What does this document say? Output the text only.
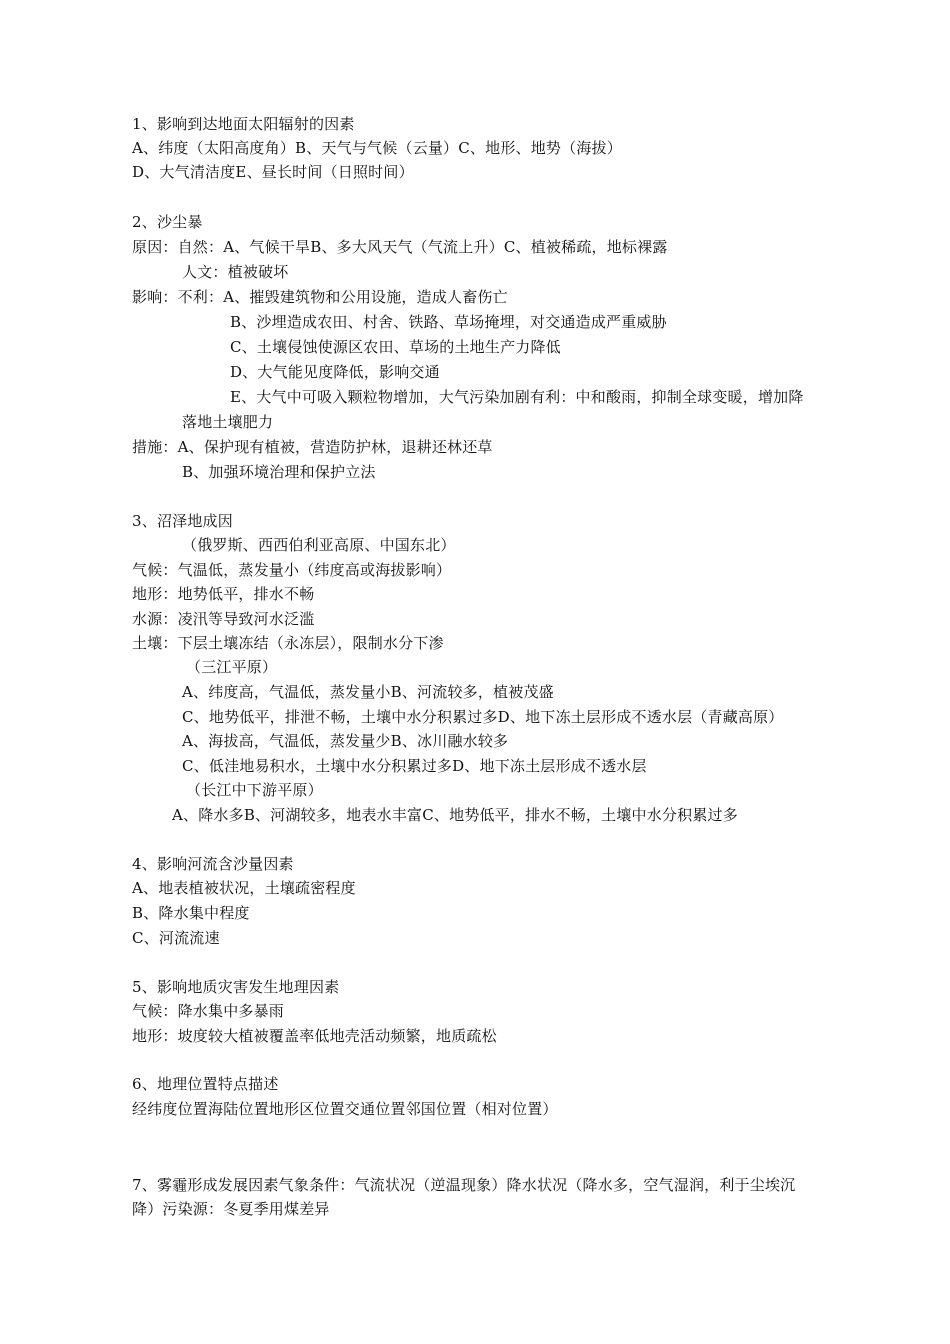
1、影响到达地面太阳辐射的因素
A、纬度（太阳高度角）B、天气与气候（云量）C、地形、地势（海拔）
D、大气清洁度E、昼长时间（日照时间）
2、沙尘暴
原因：自然：A、气候干旱B、多大风天气（气流上升）C、植被稀疏，地标裸露
人文：植被破坏
影响：不利：A、摧毁建筑物和公用设施，造成人畜伤亡
B、沙埋造成农田、村舍、铁路、草场掩埋，对交通造成严重威胁
C、土壤侵蚀使源区农田、草场的土地生产力降低
D、大气能见度降低，影响交通
E、大气中可吸入颗粒物增加，大气污染加剧有利：中和酸雨，抑制全球变暖，增加降
落地土壤肥力
措施：A、保护现有植被，营造防护林，退耕还林还草
B、加强环境治理和保护立法
3、沼泽地成因
（俄罗斯、西西伯利亚高原、中国东北）
气候：气温低，蒸发量小（纬度高或海拔影响）
地形：地势低平，排水不畅
水源：凌汛等导致河水泛滥
土壤：下层土壤冻结（永冻层），限制水分下渗
（三江平原）
A、纬度高，气温低，蒸发量小B、河流较多，植被茂盛
C、地势低平，排泄不畅，土壤中水分积累过多D、地下冻土层形成不透水层（青藏高原）
A、海拔高，气温低，蒸发量少B、冰川融水较多
C、低洼地易积水，土壤中水分积累过多D、地下冻土层形成不透水层
（长江中下游平原）
A、降水多B、河湖较多，地表水丰富C、地势低平，排水不畅，土壤中水分积累过多
4、影响河流含沙量因素
A、地表植被状况，土壤疏密程度
B、降水集中程度
C、河流流速
5、影响地质灾害发生地理因素
气候：降水集中多暴雨
地形：坡度较大植被覆盖率低地壳活动频繁，地质疏松
6、地理位置特点描述
经纬度位置海陆位置地形区位置交通位置邻国位置（相对位置）
7、雾霾形成发展因素气象条件：气流状况（逆温现象）降水状况（降水多，空气湿润，利于尘埃沉
降）污染源：冬夏季用煤差异
